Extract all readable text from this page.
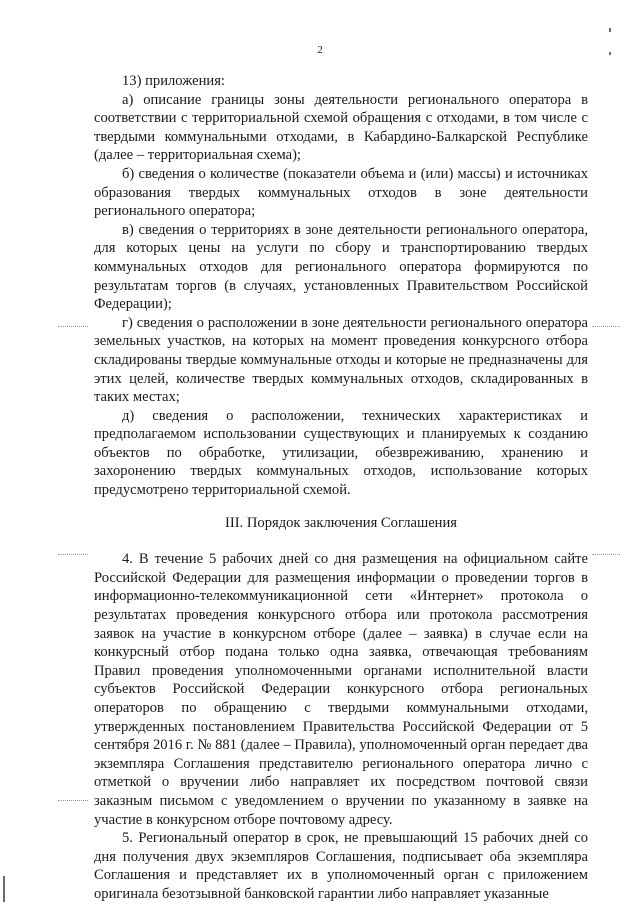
2

13) приложения:

а) описание границы зоны деятельности регионального оператора в соответствии с территориальной схемой обращения с отходами, в том числе с твердыми коммунальными отходами, в Кабардино-Балкарской Республике (далее – территориальная схема);

б) сведения о количестве (показатели объема и (или) массы) и источниках образования твердых коммунальных отходов в зоне деятельности регионального оператора;

в) сведения о территориях в зоне деятельности регионального оператора, для которых цены на услуги по сбору и транспортированию твердых коммунальных отходов для регионального оператора формируются по результатам торгов (в случаях, установленных Правительством Российской Федерации);

г) сведения о расположении в зоне деятельности регионального оператора земельных участков, на которых на момент проведения конкурсного отбора складированы твердые коммунальные отходы и которые не предназначены для этих целей, количестве твердых коммунальных отходов, складированных в таких местах;

д) сведения о расположении, технических характеристиках и предполагаемом использовании существующих и планируемых к созданию объектов по обработке, утилизации, обезвреживанию, хранению и захоронению твердых коммунальных отходов, использование которых предусмотрено территориальной схемой.

III. Порядок заключения Соглашения

4. В течение 5 рабочих дней со дня размещения на официальном сайте Российской Федерации для размещения информации о проведении торгов в информационно-телекоммуникационной сети «Интернет» протокола о результатах проведения конкурсного отбора или протокола рассмотрения заявок на участие в конкурсном отборе (далее – заявка) в случае если на конкурсный отбор подана только одна заявка, отвечающая требованиям Правил проведения уполномоченными органами исполнительной власти субъектов Российской Федерации конкурсного отбора региональных операторов по обращению с твердыми коммунальными отходами, утвержденных постановлением Правительства Российской Федерации от 5 сентября 2016 г. № 881 (далее – Правила), уполномоченный орган передает два экземпляра Соглашения представителю регионального оператора лично с отметкой о вручении либо направляет их посредством почтовой связи заказным письмом с уведомлением о вручении по указанному в заявке на участие в конкурсном отборе почтовому адресу.

5. Региональный оператор в срок, не превышающий 15 рабочих дней со дня получения двух экземпляров Соглашения, подписывает оба экземпляра Соглашения и представляет их в уполномоченный орган с приложением оригинала безотзывной банковской гарантии либо направляет указанные
